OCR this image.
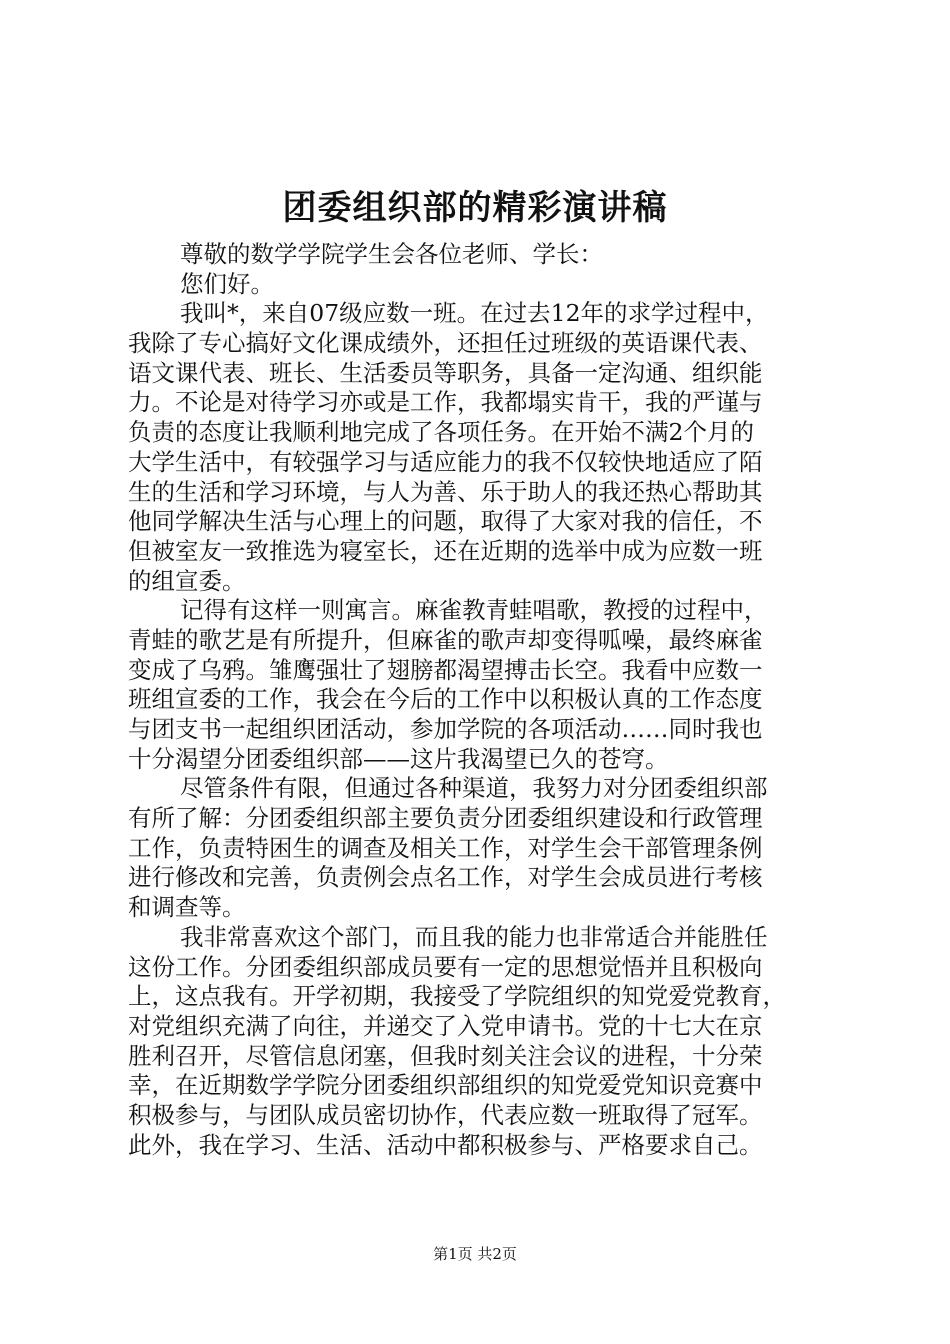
团委组织部的精彩演讲稿
尊敬的数学学院学生会各位老师、学长：
您们好。
我叫*，来自07级应数一班。在过去12年的求学过程中，
我除了专心搞好文化课成绩外，还担任过班级的英语课代表、
语文课代表、班长、生活委员等职务，具备一定沟通、组织能
力。不论是对待学习亦或是工作，我都塌实肯干，我的严谨与
负责的态度让我顺利地完成了各项任务。在开始不满2个月的
大学生活中，有较强学习与适应能力的我不仅较快地适应了陌
生的生活和学习环境，与人为善、乐于助人的我还热心帮助其
他同学解决生活与心理上的问题，取得了大家对我的信任，不
但被室友一致推选为寝室长，还在近期的选举中成为应数一班
的组宣委。
记得有这样一则寓言。麻雀教青蛙唱歌，教授的过程中，
青蛙的歌艺是有所提升，但麻雀的歌声却变得呱噪，最终麻雀
变成了乌鸦。雏鹰强壮了翅膀都渴望搏击长空。我看中应数一
班组宣委的工作，我会在今后的工作中以积极认真的工作态度
与团支书一起组织团活动，参加学院的各项活动……同时我也
十分渴望分团委组织部——这片我渴望已久的苍穹。
尽管条件有限，但通过各种渠道，我努力对分团委组织部
有所了解：分团委组织部主要负责分团委组织建设和行政管理
工作，负责特困生的调查及相关工作，对学生会干部管理条例
进行修改和完善，负责例会点名工作，对学生会成员进行考核
和调查等。
我非常喜欢这个部门，而且我的能力也非常适合并能胜任
这份工作。分团委组织部成员要有一定的思想觉悟并且积极向
上，这点我有。开学初期，我接受了学院组织的知党爱党教育，
对党组织充满了向往，并递交了入党申请书。党的十七大在京
胜利召开，尽管信息闭塞，但我时刻关注会议的进程，十分荣
幸，在近期数学学院分团委组织部组织的知党爱党知识竞赛中
积极参与，与团队成员密切协作，代表应数一班取得了冠军。
此外，我在学习、生活、活动中都积极参与、严格要求自己。
第1页 共2页
